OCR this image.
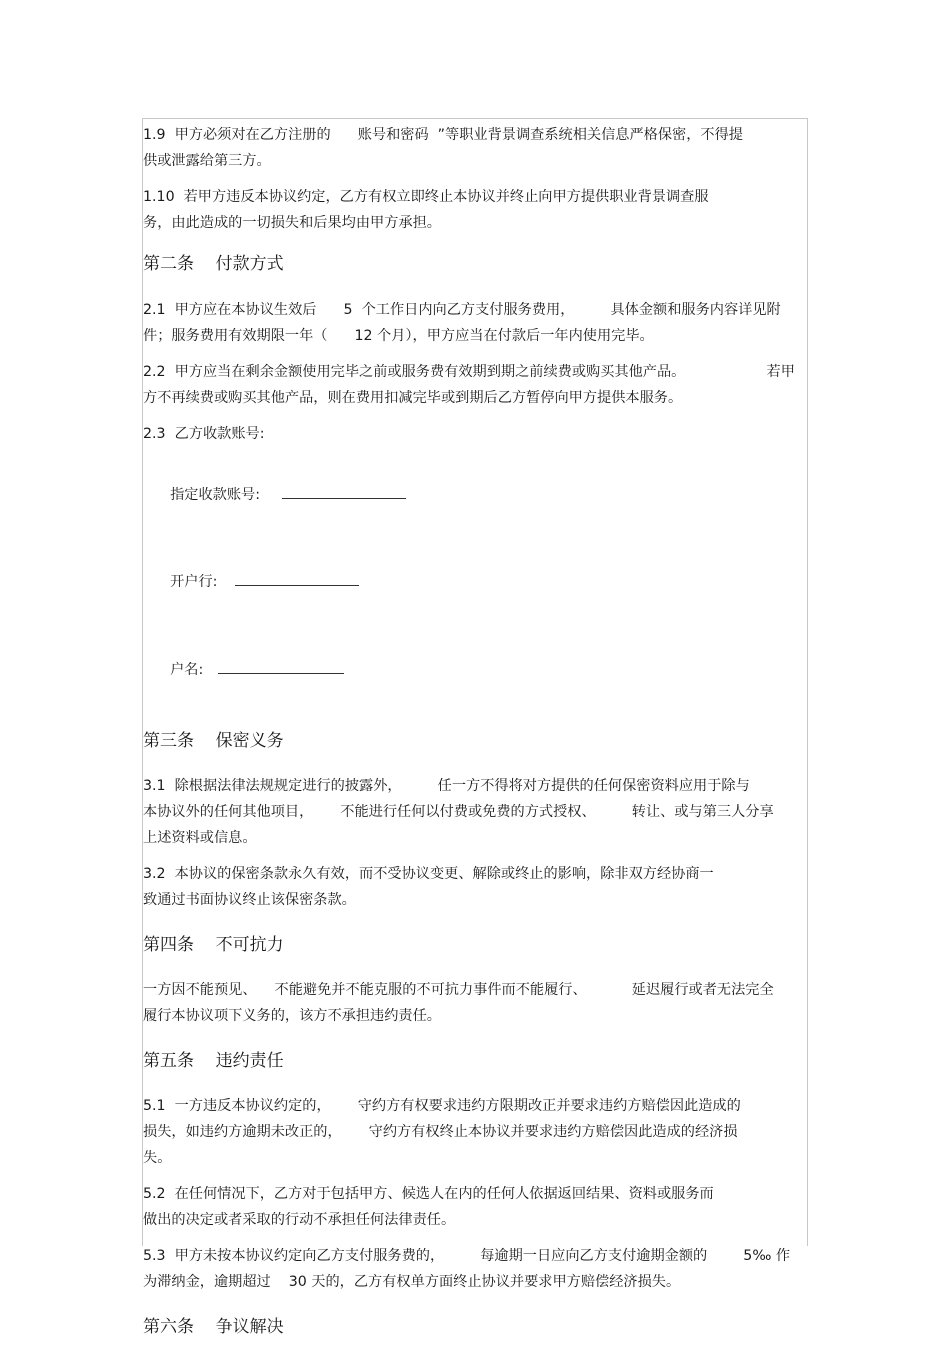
1.9  甲方必须对在乙方注册的      账号和密码  ”等职业背景调查系统相关信息严格保密，不得提

供或泄露给第三方。

1.10  若甲方违反本协议约定，乙方有权立即终止本协议并终止向甲方提供职业背景调查服

务，由此造成的一切损失和后果均由甲方承担。

第二条    付款方式

2.1  甲方应在本协议生效后      5  个工作日内向乙方支付服务费用，        具体金额和服务内容详见附

件；服务费用有效期限一年（      12 个月），甲方应当在付款后一年内使用完毕。

2.2  甲方应当在剩余金额使用完毕之前或服务费有效期到期之前续费或购买其他产品。                  若甲

方不再续费或购买其他产品，则在费用扣减完毕或到期后乙方暂停向甲方提供本服务。

2.3  乙方收款账号:

指定收款账号:

开户行:

户名:

第三条    保密义务

3.1  除根据法律法规规定进行的披露外，        任一方不得将对方提供的任何保密资料应用于除与

本协议外的任何其他项目，      不能进行任何以付费或免费的方式授权、        转让、或与第三人分享

上述资料或信息。

3.2  本协议的保密条款永久有效，而不受协议变更、解除或终止的影响，除非双方经协商一

致通过书面协议终止该保密条款。

第四条    不可抗力

一方因不能预见、    不能避免并不能克服的不可抗力事件而不能履行、          延迟履行或者无法完全

履行本协议项下义务的，该方不承担违约责任。

第五条    违约责任

5.1  一方违反本协议约定的，      守约方有权要求违约方限期改正并要求违约方赔偿因此造成的

损失，如违约方逾期未改正的，      守约方有权终止本协议并要求违约方赔偿因此造成的经济损

失。

5.2  在任何情况下，乙方对于包括甲方、候选人在内的任何人依据返回结果、资料或服务而

做出的决定或者采取的行动不承担任何法律责任。

5.3  甲方未按本协议约定向乙方支付服务费的，        每逾期一日应向乙方支付逾期金额的        5‰ 作

为滞纳金，逾期超过    30 天的，乙方有权单方面终止协议并要求甲方赔偿经济损失。

第六条    争议解决
